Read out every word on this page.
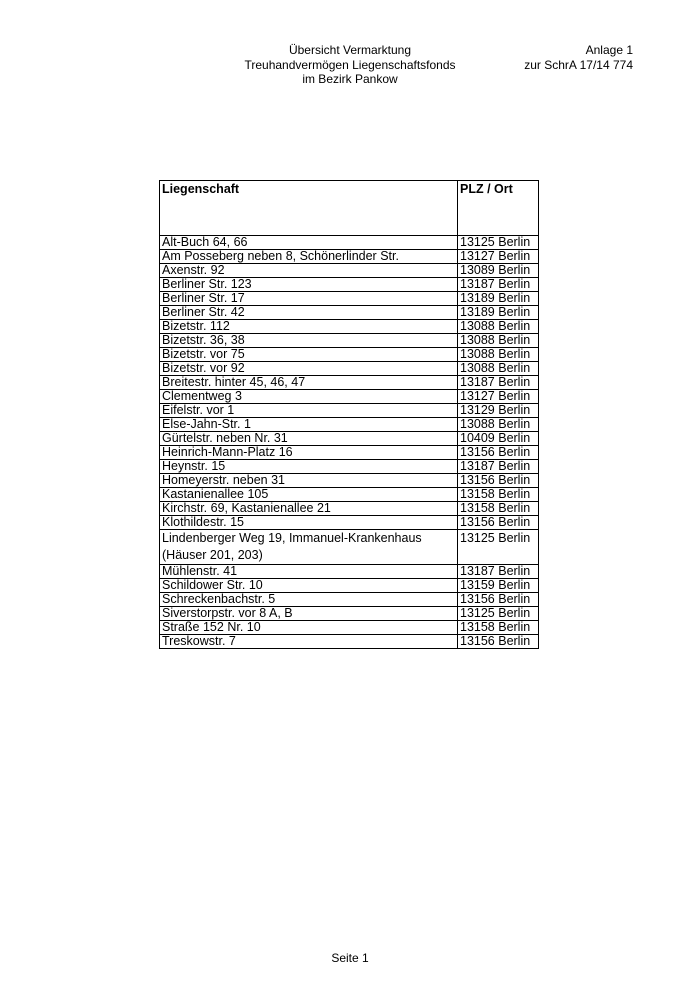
Übersicht Vermarktung
Treuhandvermögen Liegenschaftsfonds
im Bezirk Pankow
Anlage 1
zur SchrA 17/14 774
Liegenschaft	PLZ / Ort
Alt-Buch 64, 66	13125 Berlin
Am Posseberg neben 8, Schönerlinder Str.	13127 Berlin
Axenstr. 92	13089 Berlin
Berliner Str. 123	13187 Berlin
Berliner Str. 17	13189 Berlin
Berliner Str. 42	13189 Berlin
Bizetstr. 112	13088 Berlin
Bizetstr. 36, 38	13088 Berlin
Bizetstr. vor 75	13088 Berlin
Bizetstr. vor 92	13088 Berlin
Breitestr. hinter 45, 46, 47	13187 Berlin
Clementweg 3	13127 Berlin
Eifelstr. vor 1	13129 Berlin
Else-Jahn-Str. 1	13088 Berlin
Gürtelstr. neben Nr. 31	10409 Berlin
Heinrich-Mann-Platz 16	13156 Berlin
Heynstr. 15	13187 Berlin
Homeyerstr. neben 31	13156 Berlin
Kastanienallee 105	13158 Berlin
Kirchstr. 69, Kastanienallee 21	13158 Berlin
Klothildestr. 15	13156 Berlin
Lindenberger Weg 19, Immanuel-Krankenhaus (Häuser 201, 203)	13125 Berlin
Mühlenstr. 41	13187 Berlin
Schildower Str. 10	13159 Berlin
Schreckenbachstr. 5	13156 Berlin
Siverstorpstr. vor 8 A, B	13125 Berlin
Straße 152 Nr. 10	13158 Berlin
Treskowstr. 7	13156 Berlin
Seite 1
